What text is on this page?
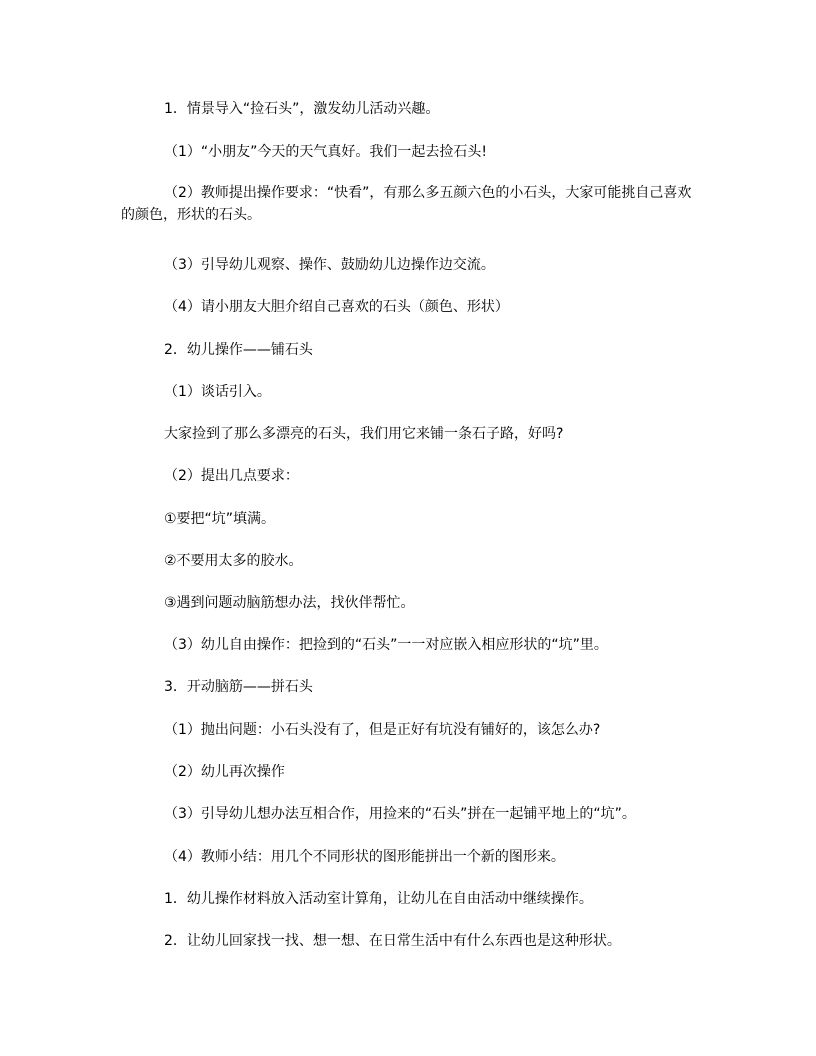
1．情景导入“捡石头”，激发幼儿活动兴趣。
（1）“小朋友”今天的天气真好。我们一起去捡石头!
（2）教师提出操作要求：“快看”，有那么多五颜六色的小石头，大家可能挑自己喜欢的颜色，形状的石头。
（3）引导幼儿观察、操作、鼓励幼儿边操作边交流。
（4）请小朋友大胆介绍自己喜欢的石头（颜色、形状）
2．幼儿操作——铺石头
（1）谈话引入。
大家捡到了那么多漂亮的石头，我们用它来铺一条石子路，好吗?
（2）提出几点要求：
①要把“坑”填满。
②不要用太多的胶水。
③遇到问题动脑筋想办法，找伙伴帮忙。
（3）幼儿自由操作：把捡到的“石头”一一对应嵌入相应形状的“坑”里。
3．开动脑筋——拼石头
（1）抛出问题：小石头没有了，但是正好有坑没有铺好的，该怎么办?
（2）幼儿再次操作
（3）引导幼儿想办法互相合作，用捡来的“石头”拼在一起铺平地上的“坑”。
（4）教师小结：用几个不同形状的图形能拼出一个新的图形来。
1．幼儿操作材料放入活动室计算角，让幼儿在自由活动中继续操作。
2．让幼儿回家找一找、想一想、在日常生活中有什么东西也是这种形状。
